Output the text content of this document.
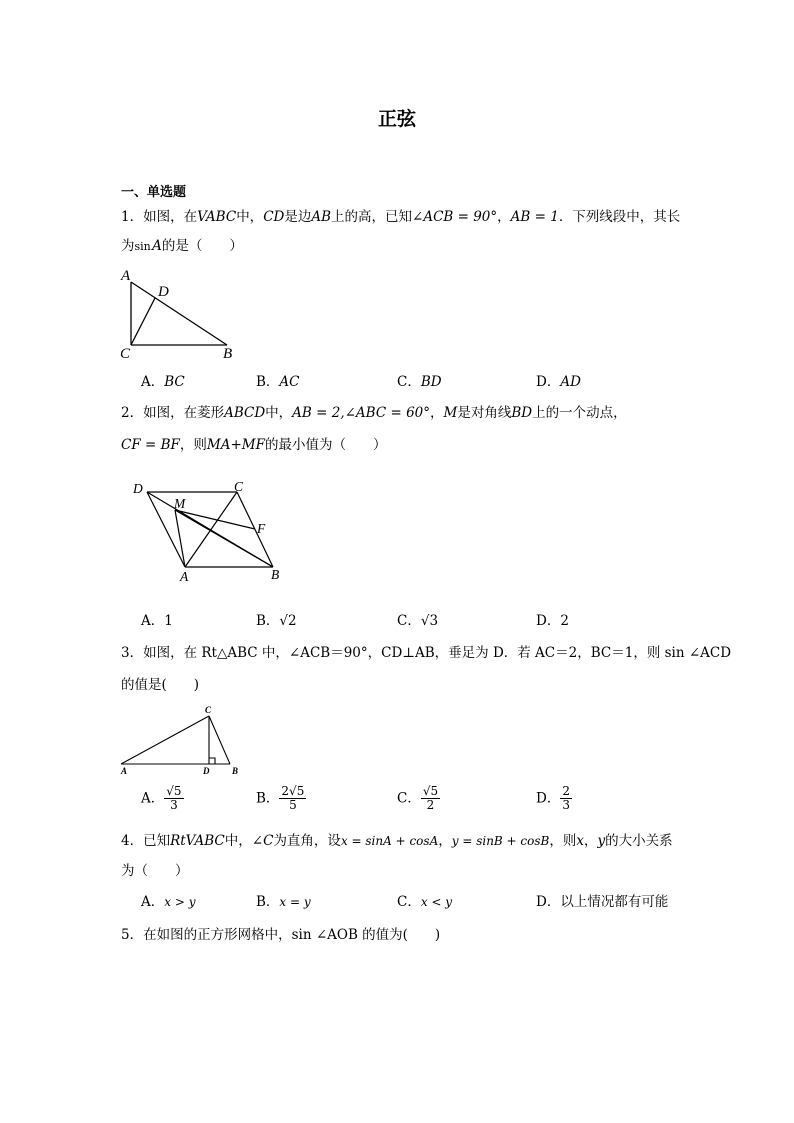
正弦
一、单选题
1．如图，在VABC中，CD是边AB上的高，已知∠ACB = 90°，AB = 1．下列线段中，其长
为sin A的是（　　）
A
D
C	B
A．BC	B．AC	C．BD	D．AD
2．如图，在菱形ABCD中，AB = 2,∠ABC = 60°，M是对角线BD上的一个动点，
CF = BF，则MA+MF的最小值为（　　）
D	C
M
F
A	B
A．1	B．√2	C．√3	D．2
3．如图，在 Rt△ABC 中，∠ACB＝90°，CD⊥AB，垂足为 D．若 AC＝2，BC＝1，则 sin ∠ACD
的值是(　　)
C
A	D	B
A． $\frac{√5}{3}$	B． $\frac{2√5}{5}$	C． $\frac{√5}{2}$	D． $\frac{2}{3}$
4．已知RtVABC中，∠C为直角，设x = sinA + cosA，y = sinB + cosB，则x，y的大小关系
为（　　）
A．x > y	B．x = y	C．x < y	D．以上情况都有可能
5．在如图的正方形网格中，sin ∠AOB 的值为(　　)
